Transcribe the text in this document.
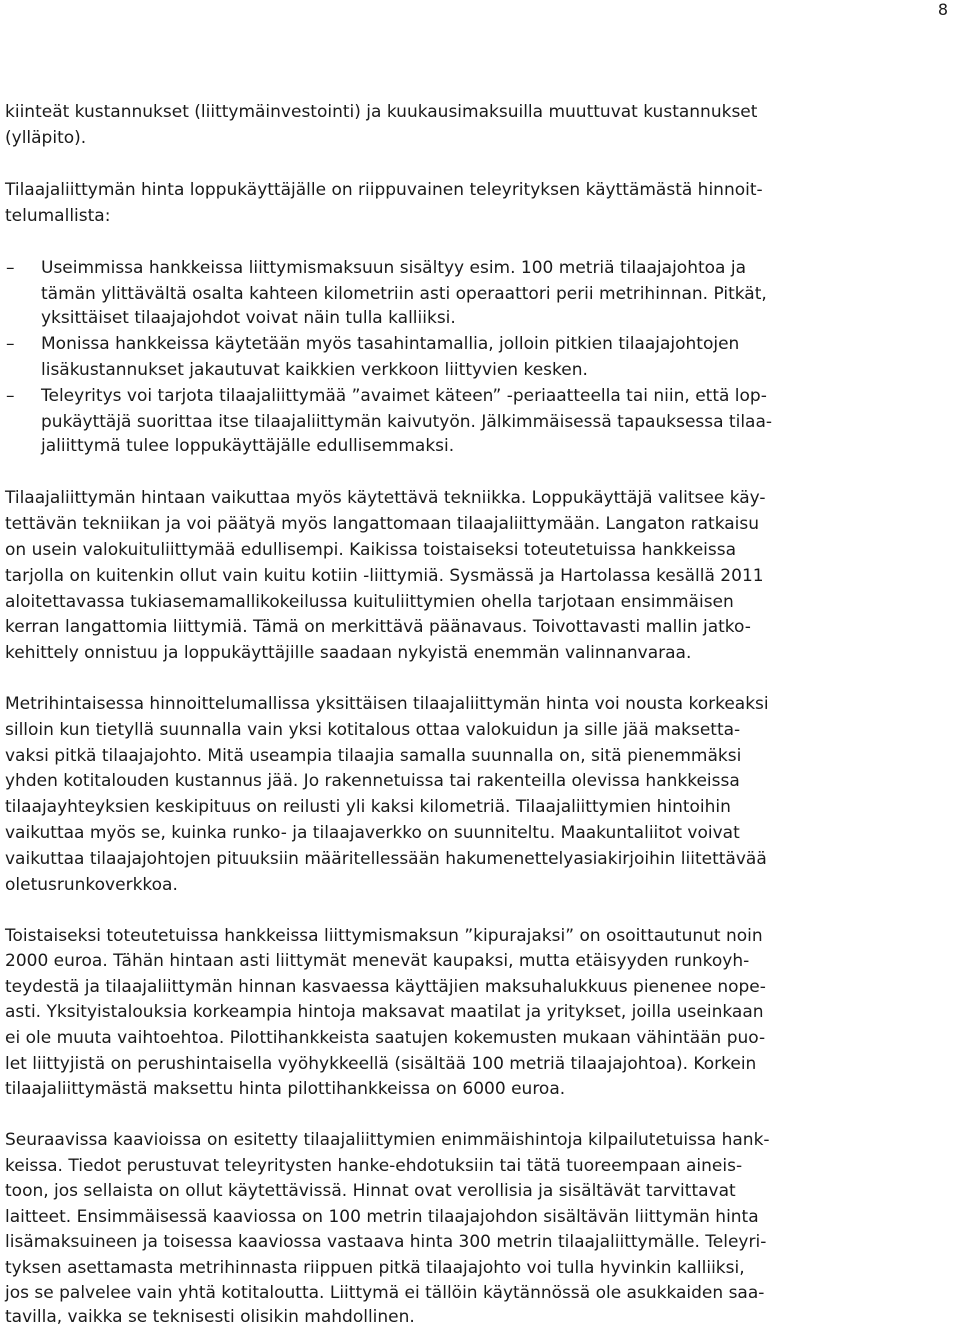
8

kiinteät kustannukset (liittymäinvestointi) ja kuukausimaksuilla muuttuvat kustannukset

(ylläpito).

Tilaajaliittymän hinta loppukäyttäjälle on riippuvainen teleyrityksen käyttämästä hinnoit-

telumallista:

– Useimmissa hankkeissa liittymismaksuun sisältyy esim. 100 metriä tilaajajohtoa ja

tämän ylittävältä osalta kahteen kilometriin asti operaattori perii metrihinnan. Pitkät,

yksittäiset tilaajajohdot voivat näin tulla kalliiksi.

– Monissa hankkeissa käytetään myös tasahintamallia, jolloin pitkien tilaajajohtojen

lisäkustannukset jakautuvat kaikkien verkkoon liittyvien kesken.

– Teleyritys voi tarjota tilaajaliittymää ”avaimet käteen” -periaatteella tai niin, että lop-

pukäyttäjä suorittaa itse tilaajaliittymän kaivutyön. Jälkimmäisessä tapauksessa tilaa-

jaliittymä tulee loppukäyttäjälle edullisemmaksi.

Tilaajaliittymän hintaan vaikuttaa myös käytettävä tekniikka. Loppukäyttäjä valitsee käy-

tettävän tekniikan ja voi päätyä myös langattomaan tilaajaliittymään. Langaton ratkaisu

on usein valokuituliittymää edullisempi. Kaikissa toistaiseksi toteutetuissa hankkeissa

tarjolla on kuitenkin ollut vain kuitu kotiin -liittymiä. Sysmässä ja Hartolassa kesällä 2011

aloitettavassa tukiasemamallikokeilussa kuituliittymien ohella tarjotaan ensimmäisen

kerran langattomia liittymiä. Tämä on merkittävä päänavaus. Toivottavasti mallin jatko-

kehittely onnistuu ja loppukäyttäjille saadaan nykyistä enemmän valinnanvaraa.

Metrihintaisessa hinnoittelumallissa yksittäisen tilaajaliittymän hinta voi nousta korkeaksi

silloin kun tietyllä suunnalla vain yksi kotitalous ottaa valokuidun ja sille jää maksetta-

vaksi pitkä tilaajajohto. Mitä useampia tilaajia samalla suunnalla on, sitä pienemmäksi

yhden kotitalouden kustannus jää. Jo rakennetuissa tai rakenteilla olevissa hankkeissa

tilaajayhteyksien keskipituus on reilusti yli kaksi kilometriä. Tilaajaliittymien hintoihin

vaikuttaa myös se, kuinka runko- ja tilaajaverkko on suunniteltu. Maakuntaliitot voivat

vaikuttaa tilaajajohtojen pituuksiin määritellessään hakumenettelyasiakirjoihin liitettävää

oletusrunkoverkkoa.

Toistaiseksi toteutetuissa hankkeissa liittymismaksun ”kipurajaksi” on osoittautunut noin

2000 euroa. Tähän hintaan asti liittymät menevät kaupaksi, mutta etäisyyden runkoyh-

teydestä ja tilaajaliittymän hinnan kasvaessa käyttäjien maksuhalukkuus pienenee nope-

asti. Yksityistalouksia korkeampia hintoja maksavat maatilat ja yritykset, joilla useinkaan

ei ole muuta vaihtoehtoa. Pilottihankkeista saatujen kokemusten mukaan vähintään puo-

let liittyjistä on perushintaisella vyöhykkeellä (sisältää 100 metriä tilaajajohtoa). Korkein

tilaajaliittymästä maksettu hinta pilottihankkeissa on 6000 euroa.

Seuraavissa kaavioissa on esitetty tilaajaliittymien enimmäishintoja kilpailutetuissa hank-

keissa. Tiedot perustuvat teleyritysten hanke-ehdotuksiin tai tätä tuoreempaan aineis-

toon, jos sellaista on ollut käytettävissä. Hinnat ovat verollisia ja sisältävät tarvittavat

laitteet. Ensimmäisessä kaaviossa on 100 metrin tilaajajohdon sisältävän liittymän hinta

lisämaksuineen ja toisessa kaaviossa vastaava hinta 300 metrin tilaajaliittymälle. Teleyri-

tyksen asettamasta metrihinnasta riippuen pitkä tilaajajohto voi tulla hyvinkin kalliiksi,

jos se palvelee vain yhtä kotitaloutta. Liittymä ei tällöin käytännössä ole asukkaiden saa-

tavilla, vaikka se teknisesti olisikin mahdollinen.
